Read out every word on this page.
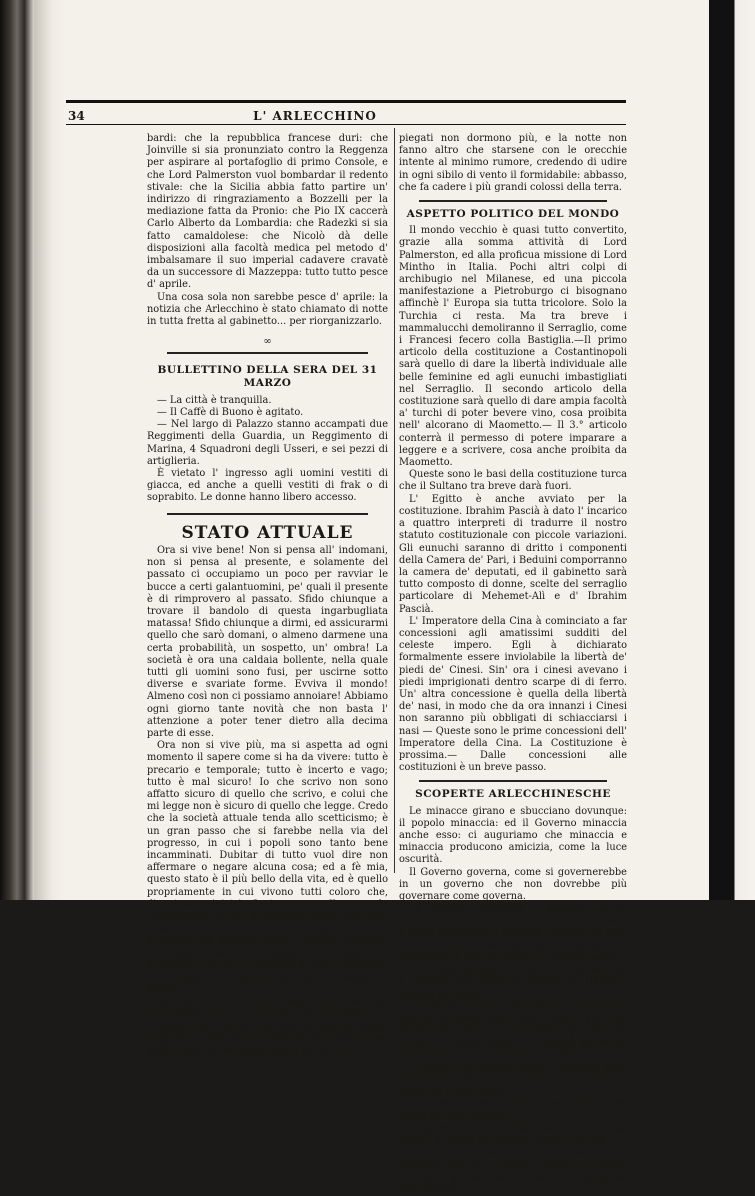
34	L' ARLECCHINO

bardi: che la repubblica francese duri: che Joinville si sia pronunziato contro la Reggenza per aspirare al portafoglio di primo Console, e che Lord Palmerston vuol bombardar il redento stivale: che la Sicilia abbia fatto partire un' indirizzo di ringraziamento a Bozzelli per la mediazione fatta da Pronio: che Pio IX caccerà Carlo Alberto da Lombardia: che Radezki si sia fatto camaldolese: che Nicolò dà delle disposizioni alla facoltà medica pel metodo d' imbalsamare il suo imperial cadavere cravatè da un successore di Mazzeppa: tutto tutto pesce d' aprile.

Una cosa sola non sarebbe pesce d' aprile: la notizia che Arlecchino è stato chiamato di notte in tutta fretta al gabinetto... per riorganizzarlo.

∞
BULLETTINO DELLA SERA DEL 31 MARZO

— La città è tranquilla.

— Il Caffè di Buono è agitato.

— Nel largo di Palazzo stanno accampati due Reggimenti della Guardia, un Reggimento di Marina, 4 Squadroni degli Usseri, e sei pezzi di artiglieria.

È vietato l' ingresso agli uomini vestiti di giacca, ed anche a quelli vestiti di frak o di soprabito. Le donne hanno libero accesso.

STATO ATTUALE

Ora si vive bene! Non si pensa all' indomani, non si pensa al presente, e solamente del passato ci occupiamo un poco per ravviar le bucce a certi galantuomini, pe' quali il presente è di rimprovero al passato. Sfido chiunque a trovare il bandolo di questa ingarbugliata matassa! Sfido chiunque a dirmi, ed assicurarmi quello che sarò domani, o almeno darmene una certa probabilità, un sospetto, un' ombra! La società è ora una caldaia bollente, nella quale tutti gli uomini sono fusi, per uscirne sotto diverse e svariate forme. Evviva il mondo! Almeno così non ci possiamo annoiare! Abbiamo ogni giorno tante novità che non basta l' attenzione a poter tener dietro alla decima parte di esse.

Ora non si vive più, ma si aspetta ad ogni momento il sapere come si ha da vivere: tutto è precario e temporale; tutto è incerto e vago; tutto è mal sicuro! Io che scrivo non sono affatto sicuro di quello che scrivo, e colui che mi legge non è sicuro di quello che legge. Credo che la società attuale tenda allo scetticismo; è un gran passo che si farebbe nella via del progresso, in cui i popoli sono tanto bene incamminati. Dubitar di tutto vuol dire non affermare o negare alcuna cosa; ed a fè mia, questo stato è il più bello della vita, ed è quello propriamente in cui vivono tutti coloro che, diventano ministri. Costoro non affermano la Costituzione, e non la negano; sanno che sono impotenti a sostenere il peso degli affari, ma dubitano che possano forse riuscirvi: dubitano del voto pubblico, dubitano del governo, dubitano di tutto, e finanche di loro medesimi; ed è questa la ragione per cui non agiscono affatto.

Ogni giorno vi è una dimostrazione ed una manifestazione, ma nessuna cosa si dimostra, e si manifesta, tranne che tutti vorremmo avere impieghi, come se gl' impieghi ora fossero una bella cosa! Per me sono sicuro che gl' im-

piegati non dormono più, e la notte non fanno altro che starsene con le orecchie intente al minimo rumore, credendo di udire in ogni sibilo di vento il formidabile: abbasso, che fa cadere i più grandi colossi della terra.

ASPETTO POLITICO DEL MONDO

Il mondo vecchio è quasi tutto convertito, grazie alla somma attività di Lord Palmerston, ed alla proficua missione di Lord Minthο in Italia. Pochi altri colpi di archibugio nel Milanese, ed una piccola manifestazione a Pietroburgo ci bisognano affinchè l' Europa sia tutta tricolore. Solo la Turchia ci resta. Ma tra breve i mammalucchi demoliranno il Serraglio, come i Francesi fecero colla Bastiglia.—Il primo articolo della costituzione a Costantinopoli sarà quello di dare la libertà individuale alle belle feminine ed agli eunuchi imbastigliati nel Serraglio. Il secondo articolo della costituzione sarà quello di dare ampia facoltà a' turchi di poter bevere vino, cosa proibita nell' alcorano di Maometto.— Il 3.° articolo conterrà il permesso di potere imparare a leggere e a scrivere, cosa anche proibita da Maometto.

Queste sono le basi della costituzione turca che il Sultano tra breve darà fuori.

L' Egitto è anche avviato per la costituzione. Ibrahim Pascià à dato l' incarico a quattro interpreti di tradurre il nostro statuto costituzionale con piccole variazioni. Gli eunuchi saranno di dritto i componenti della Camera de' Pari, i Beduini comporranno la camera de' deputati, ed il gabinetto sarà tutto composto di donne, scelte del serraglio particolare di Mehemet-Alì e d' Ibrahim Pascià.

L' Imperatore della Cina à cominciato a far concessioni agli amatissimi sudditi del celeste impero. Egli à dichiarato formalmente essere inviolabile la libertà de' piedi de' Cinesi. Sin' ora i cinesi avevano i piedi imprigionati dentro scarpe di di ferro. Un' altra concessione è quella della libertà de' nasi, in modo che da ora innanzi i Cinesi non saranno più obbligati di schiacciarsi i nasi — Queste sono le prime concessioni dell' Imperatore della Cina. La Costituzione è prossima.— Dalle concessioni alle costituzioni è un breve passo.

SCOPERTE ARLECCHINESCHE

Le minacce girano e sbucciano dovunque: il popolo minaccia: ed il Governo minaccia anche esso: ci auguriamo che minaccia e minaccia producono amicizia, come la luce oscurità.

Il Governo governa, come si governerebbe in un governo che non dovrebbe più governare come governa.

La Guardia Nazionale si lamenta che io Arlecchino mi sia mischiato fra essa, e vuole a forza mandarmi a Venezia; giacchè mi dice vivere meglio colà che qui... forse per la concorrenza che ho trovato in questo paese.

Le truppe ardono, bruciano e sono assidue a correre per tutte le piazze di Napoli... intendi pei larghi.

I Generali si danno da fare per un piano di guerra da presentarsi alle Camere per una Spedizione contro il Gran Mogol per indurlo a dare la Costituzione, che i popoli gli hanno domandato con un bellissimo garbo.

I Ministri moribondi, morti, o nascenti sono rimasti all' atto di Fede per non arrivare a quello di Contrizione.

I cittadini cominciano ad assuefarsi alla moda dei falsi allarmi.

Il governo non ricorda mai che il troppo tardi è di moda contagiosa, come il Gripp.

Il Governo stesso non si persuade che i consigli, che gli si danno tendono a fargli ricordare quella frase di moda che abbiamo spiattellata.
